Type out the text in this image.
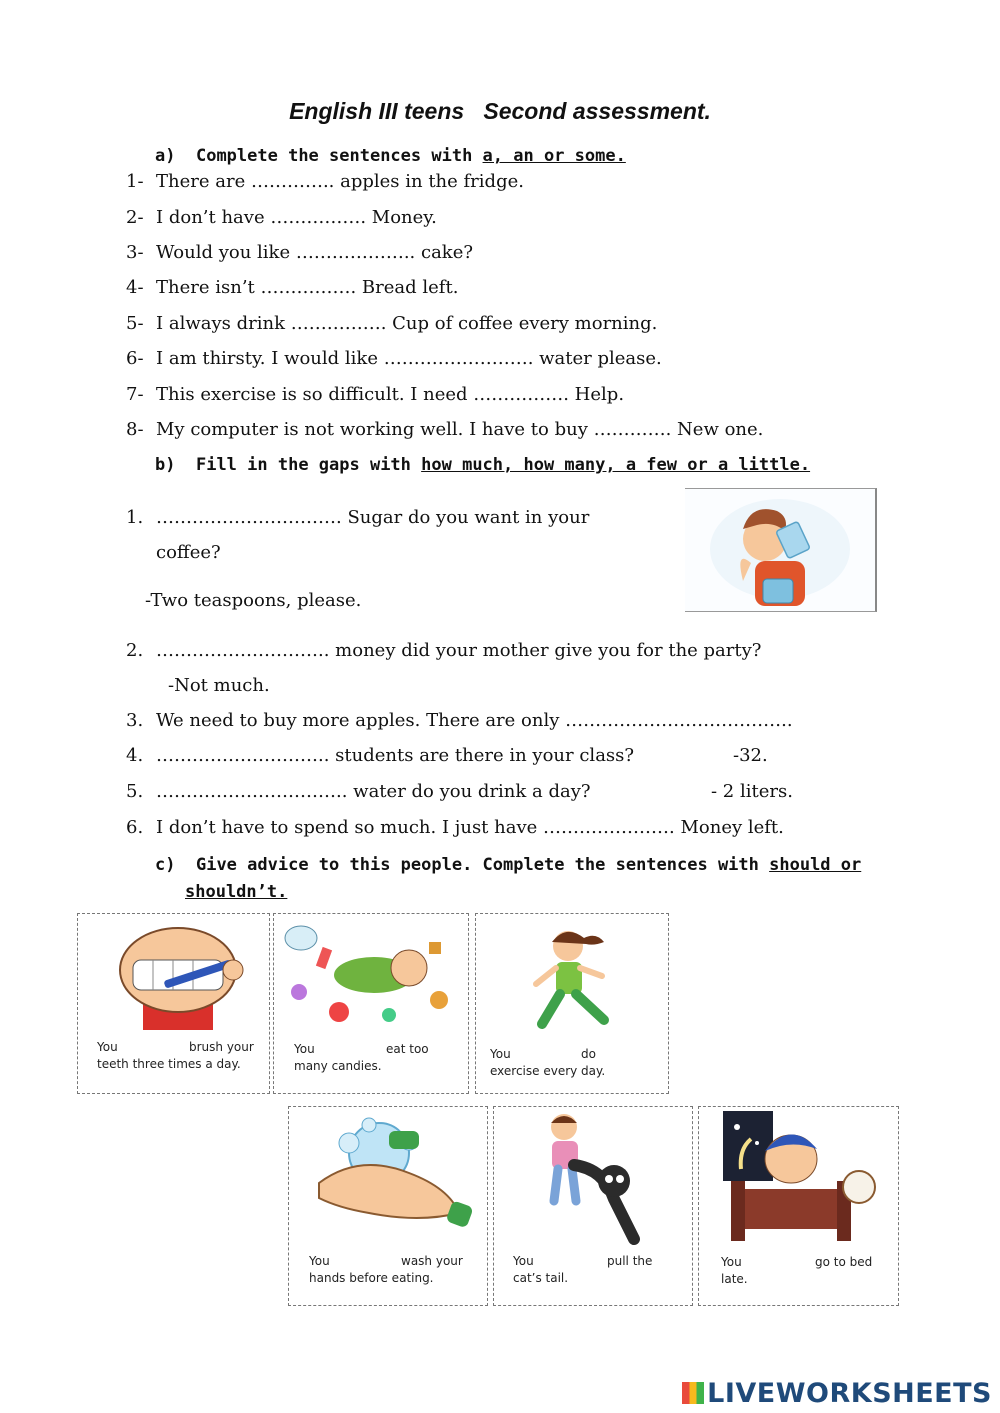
English III teens Second assessment.
a) Complete the sentences with a, an or some.
1- There are ………….. apples in the fridge.
2- I don’t have ……………. Money.
3- Would you like ……………….. cake?
4- There isn’t ……………. Bread left.
5- I always drink ……………. Cup of coffee every morning.
6- I am thirsty. I would like ……………………. water please.
7- This exercise is so difficult. I need ……………. Help.
8- My computer is not working well. I have to buy …………. New one.
b) Fill in the gaps with how much, how many, a few or a little.
1. …………………………. Sugar do you want in your
coffee?
-Two teaspoons, please.
2. ……………………….. money did your mother give you for the party?
-Not much.
3. We need to buy more apples. There are only ………………………………..
4. ……………………….. students are there in your class?	-32.
5. ………………………….. water do you drink a day?	- 2 liters.
6. I don’t have to spend so much. I just have …………………. Money left.
c) Give advice to this people. Complete the sentences with should or
shouldn’t.
You	brush your

teeth three times a day.
You	eat too

many candies.
You	do

exercise every day.
You	wash your

hands before eating.
You	pull the

cat’s tail.
You	go to bed

late.
LIVEWORKSHEETS
